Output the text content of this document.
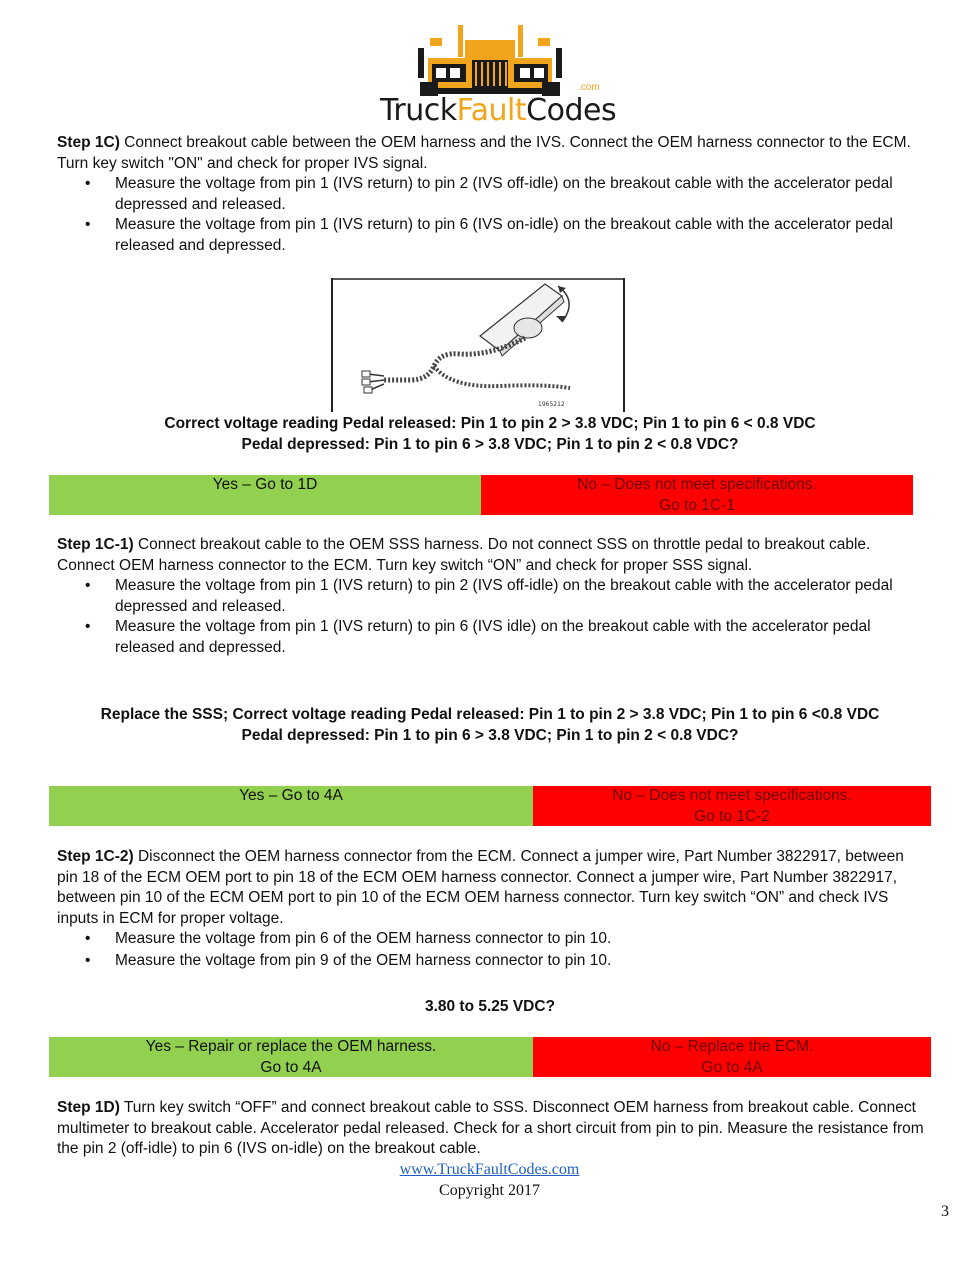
.com
TruckFaultCodes
Step 1C) Connect breakout cable between the OEM harness and the IVS. Connect the OEM harness connector to the ECM. Turn key switch "ON" and check for proper IVS signal.
• Measure the voltage from pin 1 (IVS return) to pin 2 (IVS off-idle) on the breakout cable with the accelerator pedal depressed and released.
• Measure the voltage from pin 1 (IVS return) to pin 6 (IVS on-idle) on the breakout cable with the accelerator pedal released and depressed.
1965212
Correct voltage reading Pedal released: Pin 1 to pin 2 > 3.8 VDC; Pin 1 to pin 6 < 0.8 VDC
Pedal depressed: Pin 1 to pin 6 > 3.8 VDC; Pin 1 to pin 2 < 0.8 VDC?
Yes – Go to 1D	No – Does not meet specifications.
Go to 1C-1
Step 1C-1) Connect breakout cable to the OEM SSS harness. Do not connect SSS on throttle pedal to breakout cable. Connect OEM harness connector to the ECM. Turn key switch “ON” and check for proper SSS signal.
• Measure the voltage from pin 1 (IVS return) to pin 2 (IVS off-idle) on the breakout cable with the accelerator pedal depressed and released.
• Measure the voltage from pin 1 (IVS return) to pin 6 (IVS idle) on the breakout cable with the accelerator pedal released and depressed.
Replace the SSS; Correct voltage reading Pedal released: Pin 1 to pin 2 > 3.8 VDC; Pin 1 to pin 6 <0.8 VDC
Pedal depressed: Pin 1 to pin 6 > 3.8 VDC; Pin 1 to pin 2 < 0.8 VDC?
Yes – Go to 4A	No – Does not meet specifications.
Go to 1C-2
Step 1C-2) Disconnect the OEM harness connector from the ECM. Connect a jumper wire, Part Number 3822917, between pin 18 of the ECM OEM port to pin 18 of the ECM OEM harness connector. Connect a jumper wire, Part Number 3822917, between pin 10 of the ECM OEM port to pin 10 of the ECM OEM harness connector. Turn key switch “ON” and check IVS inputs in ECM for proper voltage.
• Measure the voltage from pin 6 of the OEM harness connector to pin 10.
• Measure the voltage from pin 9 of the OEM harness connector to pin 10.
3.80 to 5.25 VDC?
Yes – Repair or replace the OEM harness.
Go to 4A
No – Replace the ECM.
Go to 4A
Step 1D) Turn key switch “OFF” and connect breakout cable to SSS. Disconnect OEM harness from breakout cable. Connect multimeter to breakout cable. Accelerator pedal released. Check for a short circuit from pin to pin. Measure the resistance from the pin 2 (off-idle) to pin 6 (IVS on-idle) on the breakout cable.
www.TruckFaultCodes.com
Copyright 2017
3
